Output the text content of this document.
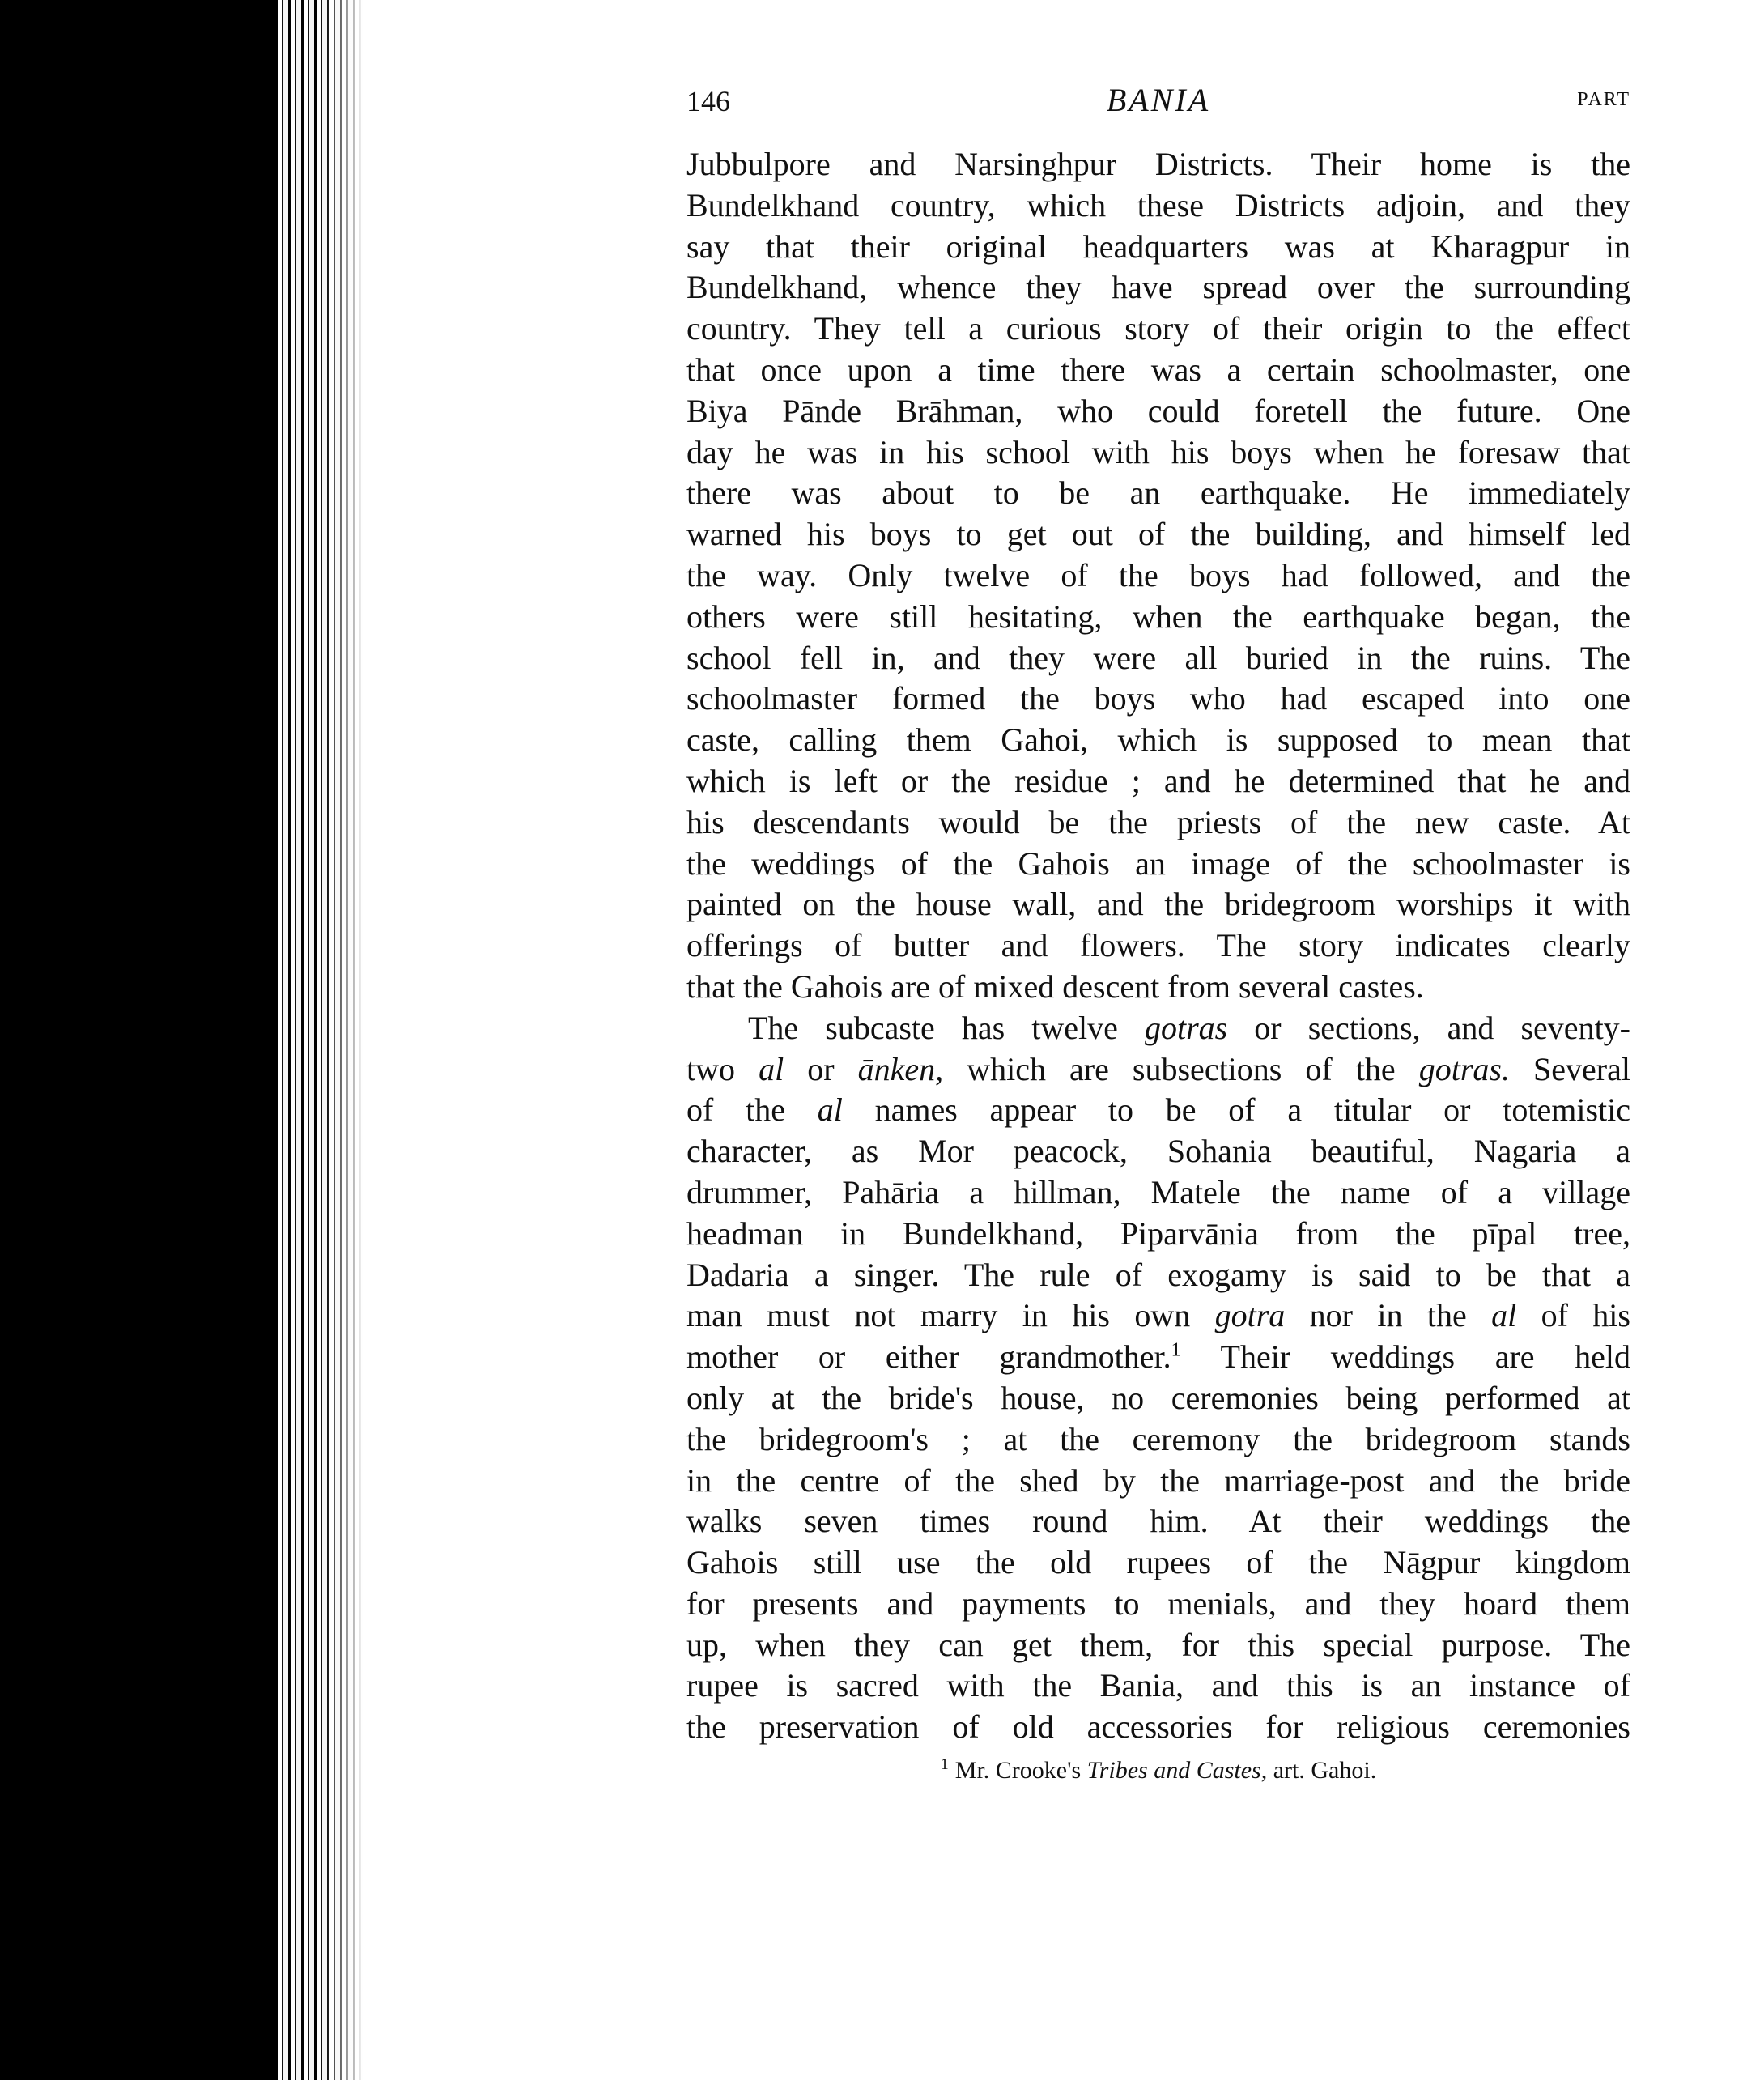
146	BANIA	PART
Jubbulpore and Narsinghpur Districts. Their home is the
Bundelkhand country, which these Districts adjoin, and they
say that their original headquarters was at Kharagpur in
Bundelkhand, whence they have spread over the surrounding
country. They tell a curious story of their origin to the effect
that once upon a time there was a certain schoolmaster, one
Biya Pānde Brāhman, who could foretell the future. One
day he was in his school with his boys when he foresaw that
there was about to be an earthquake. He immediately
warned his boys to get out of the building, and himself led
the way. Only twelve of the boys had followed, and the
others were still hesitating, when the earthquake began, the
school fell in, and they were all buried in the ruins. The
schoolmaster formed the boys who had escaped into one
caste, calling them Gahoi, which is supposed to mean that
which is left or the residue ; and he determined that he and
his descendants would be the priests of the new caste. At
the weddings of the Gahois an image of the schoolmaster is
painted on the house wall, and the bridegroom worships it with
offerings of butter and flowers. The story indicates clearly
that the Gahois are of mixed descent from several castes.
The subcaste has twelve gotras or sections, and seventy-
two al or ānken, which are subsections of the gotras. Several
of the al names appear to be of a titular or totemistic
character, as Mor peacock, Sohania beautiful, Nagaria a
drummer, Pahāria a hillman, Matele the name of a village
headman in Bundelkhand, Piparvānia from the pīpal tree,
Dadaria a singer. The rule of exogamy is said to be that a
man must not marry in his own gotra nor in the al of his
mother or either grandmother.$^1$ Their weddings are held
only at the bride's house, no ceremonies being performed at
the bridegroom's ; at the ceremony the bridegroom stands
in the centre of the shed by the marriage-post and the bride
walks seven times round him. At their weddings the
Gahois still use the old rupees of the Nāgpur kingdom
for presents and payments to menials, and they hoard them
up, when they can get them, for this special purpose. The
rupee is sacred with the Bania, and this is an instance of
the preservation of old accessories for religious ceremonies
$^1$ Mr. Crooke's Tribes and Castes, art. Gahoi.
